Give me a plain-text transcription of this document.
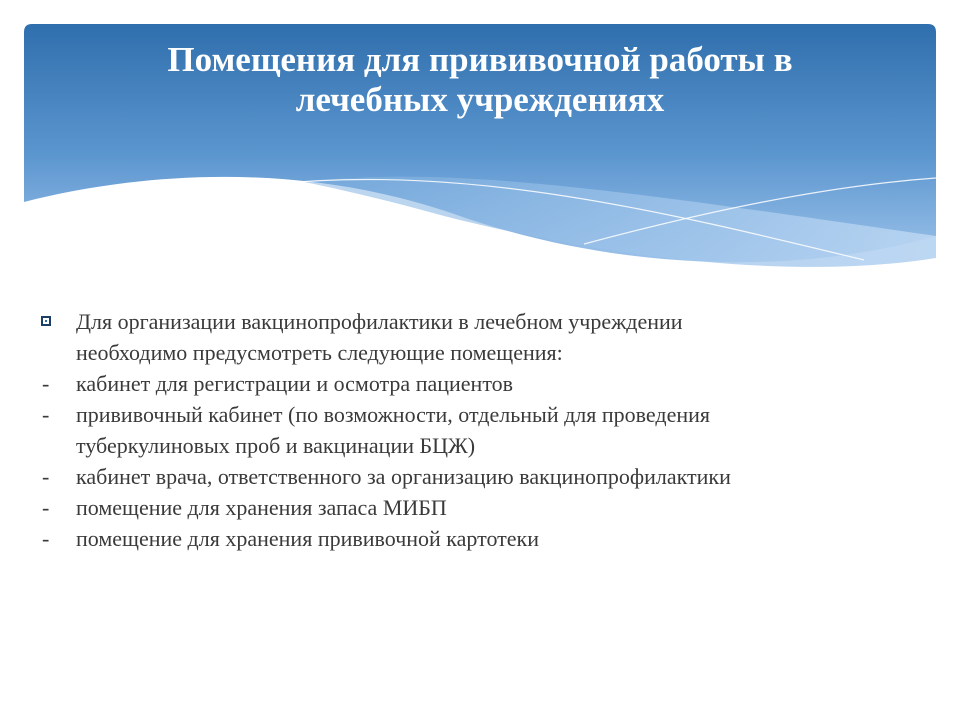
Помещения для прививочной работы в
лечебных учреждениях
Для организации вакцинопрофилактики в лечебном учреждении
необходимо предусмотреть следующие помещения:
- кабинет для регистрации и осмотра пациентов
- прививочный кабинет (по возможности, отдельный для проведения
туберкулиновых проб и вакцинации БЦЖ)
- кабинет врача, ответственного за организацию вакцинопрофилактики
- помещение для хранения запаса МИБП
- помещение для хранения прививочной картотеки
